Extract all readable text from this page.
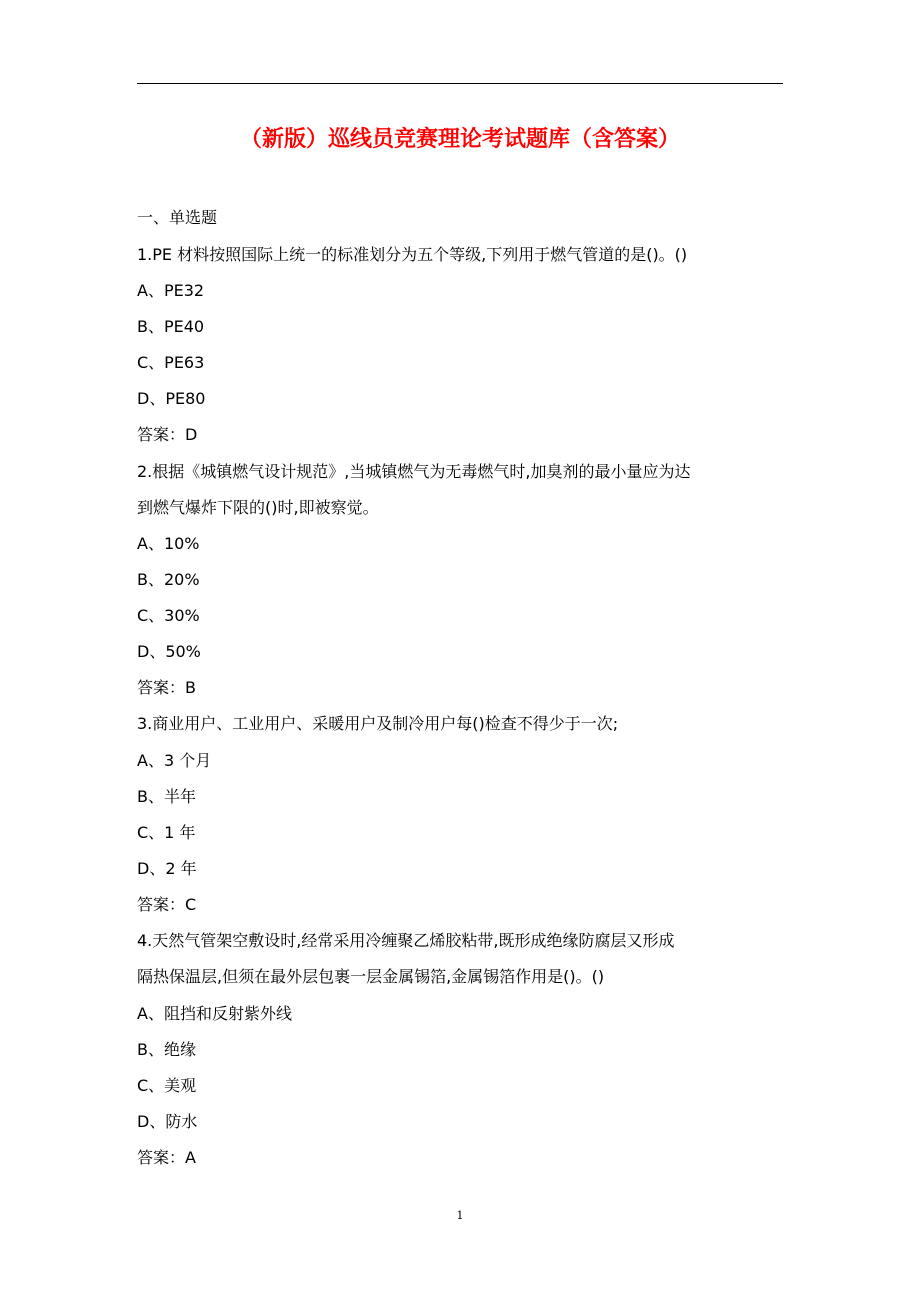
（新版）巡线员竞赛理论考试题库（含答案）
一、单选题
1.PE 材料按照国际上统一的标准划分为五个等级,下列用于燃气管道的是()。()
A、PE32
B、PE40
C、PE63
D、PE80
答案：D
2.根据《城镇燃气设计规范》,当城镇燃气为无毒燃气时,加臭剂的最小量应为达
到燃气爆炸下限的()时,即被察觉。
A、10%
B、20%
C、30%
D、50%
答案：B
3.商业用户、工业用户、采暖用户及制冷用户每()检查不得少于一次;
A、3 个月
B、半年
C、1 年
D、2 年
答案：C
4.天然气管架空敷设时,经常采用冷缠聚乙烯胶粘带,既形成绝缘防腐层又形成
隔热保温层,但须在最外层包裹一层金属锡箔,金属锡箔作用是()。()
A、阻挡和反射紫外线
B、绝缘
C、美观
D、防水
答案：A
1
